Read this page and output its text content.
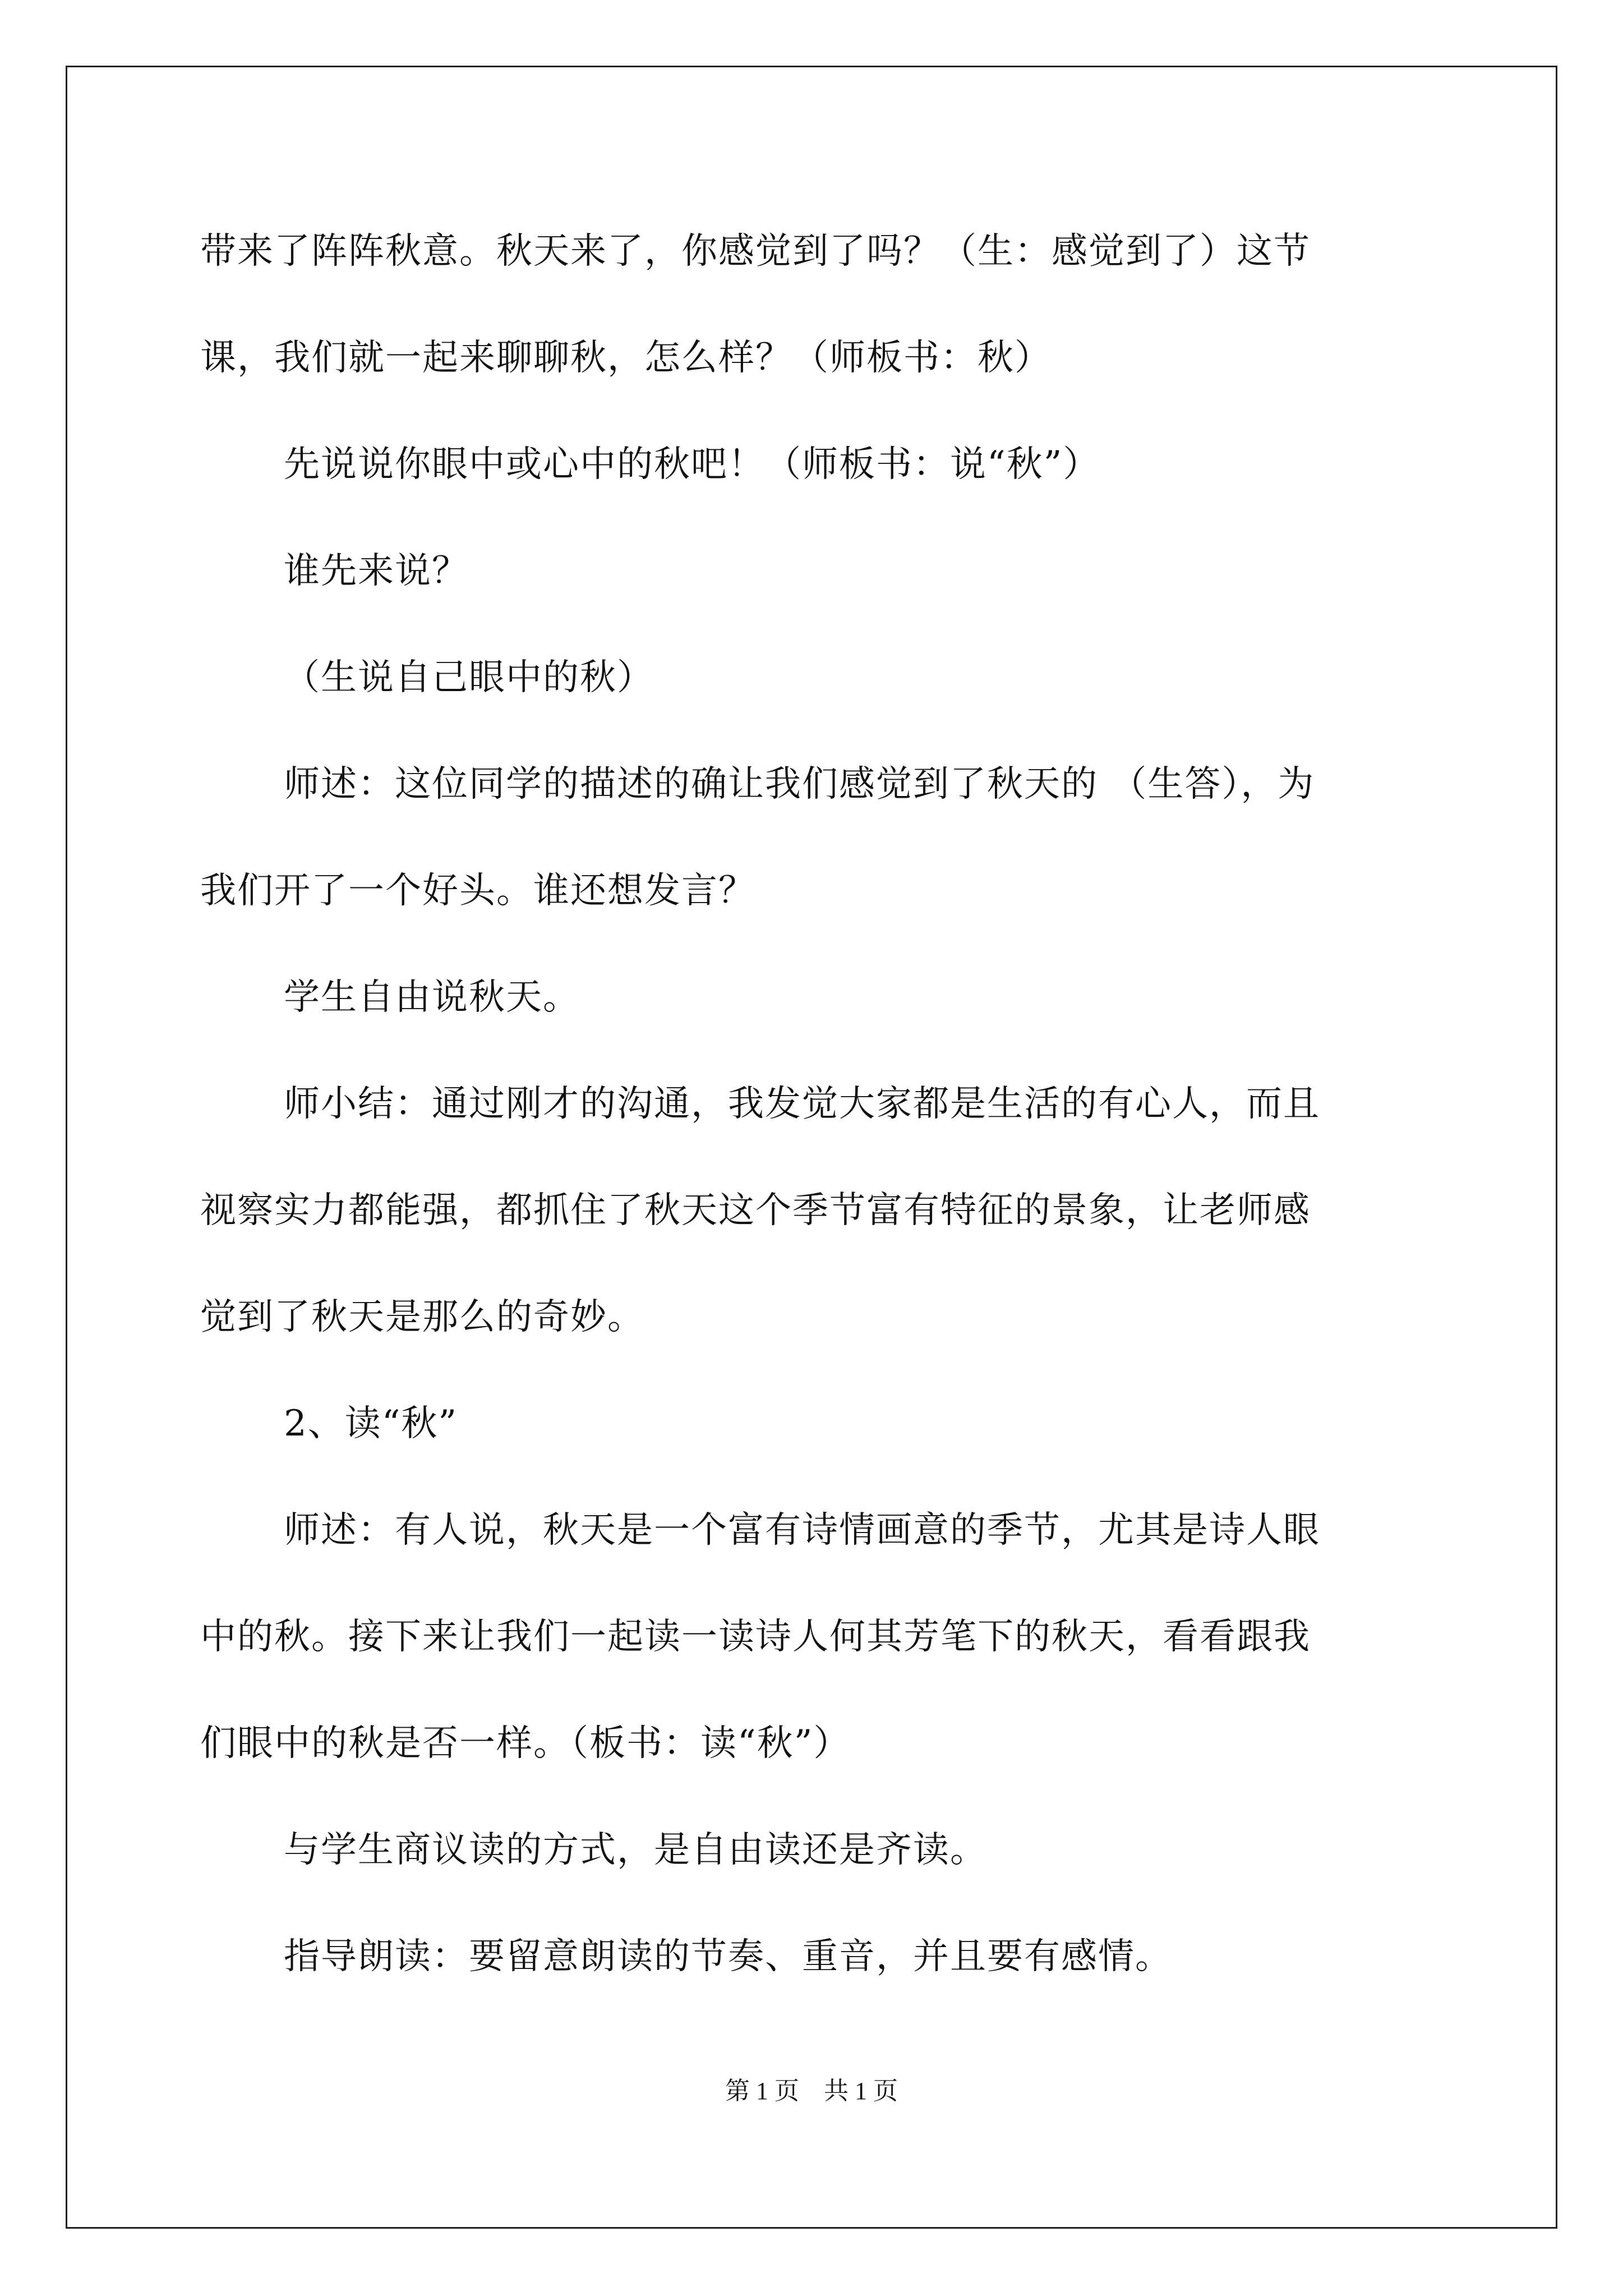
带来了阵阵秋意。秋天来了，你感觉到了吗？（生：感觉到了）这节
课，我们就一起来聊聊秋，怎么样？（师板书：秋）
先说说你眼中或心中的秋吧！（师板书：说“秋”）
谁先来说？
（生说自己眼中的秋）
师述：这位同学的描述的确让我们感觉到了秋天的 （生答），为
我们开了一个好头。谁还想发言？
学生自由说秋天。
师小结：通过刚才的沟通，我发觉大家都是生活的有心人，而且
视察实力都能强，都抓住了秋天这个季节富有特征的景象，让老师感
觉到了秋天是那么的奇妙。
2、读“秋”
师述：有人说，秋天是一个富有诗情画意的季节，尤其是诗人眼
中的秋。接下来让我们一起读一读诗人何其芳笔下的秋天，看看跟我
们眼中的秋是否一样。（板书：读“秋”）
与学生商议读的方式，是自由读还是齐读。
指导朗读：要留意朗读的节奏、重音，并且要有感情。
第 1 页　共 1 页
